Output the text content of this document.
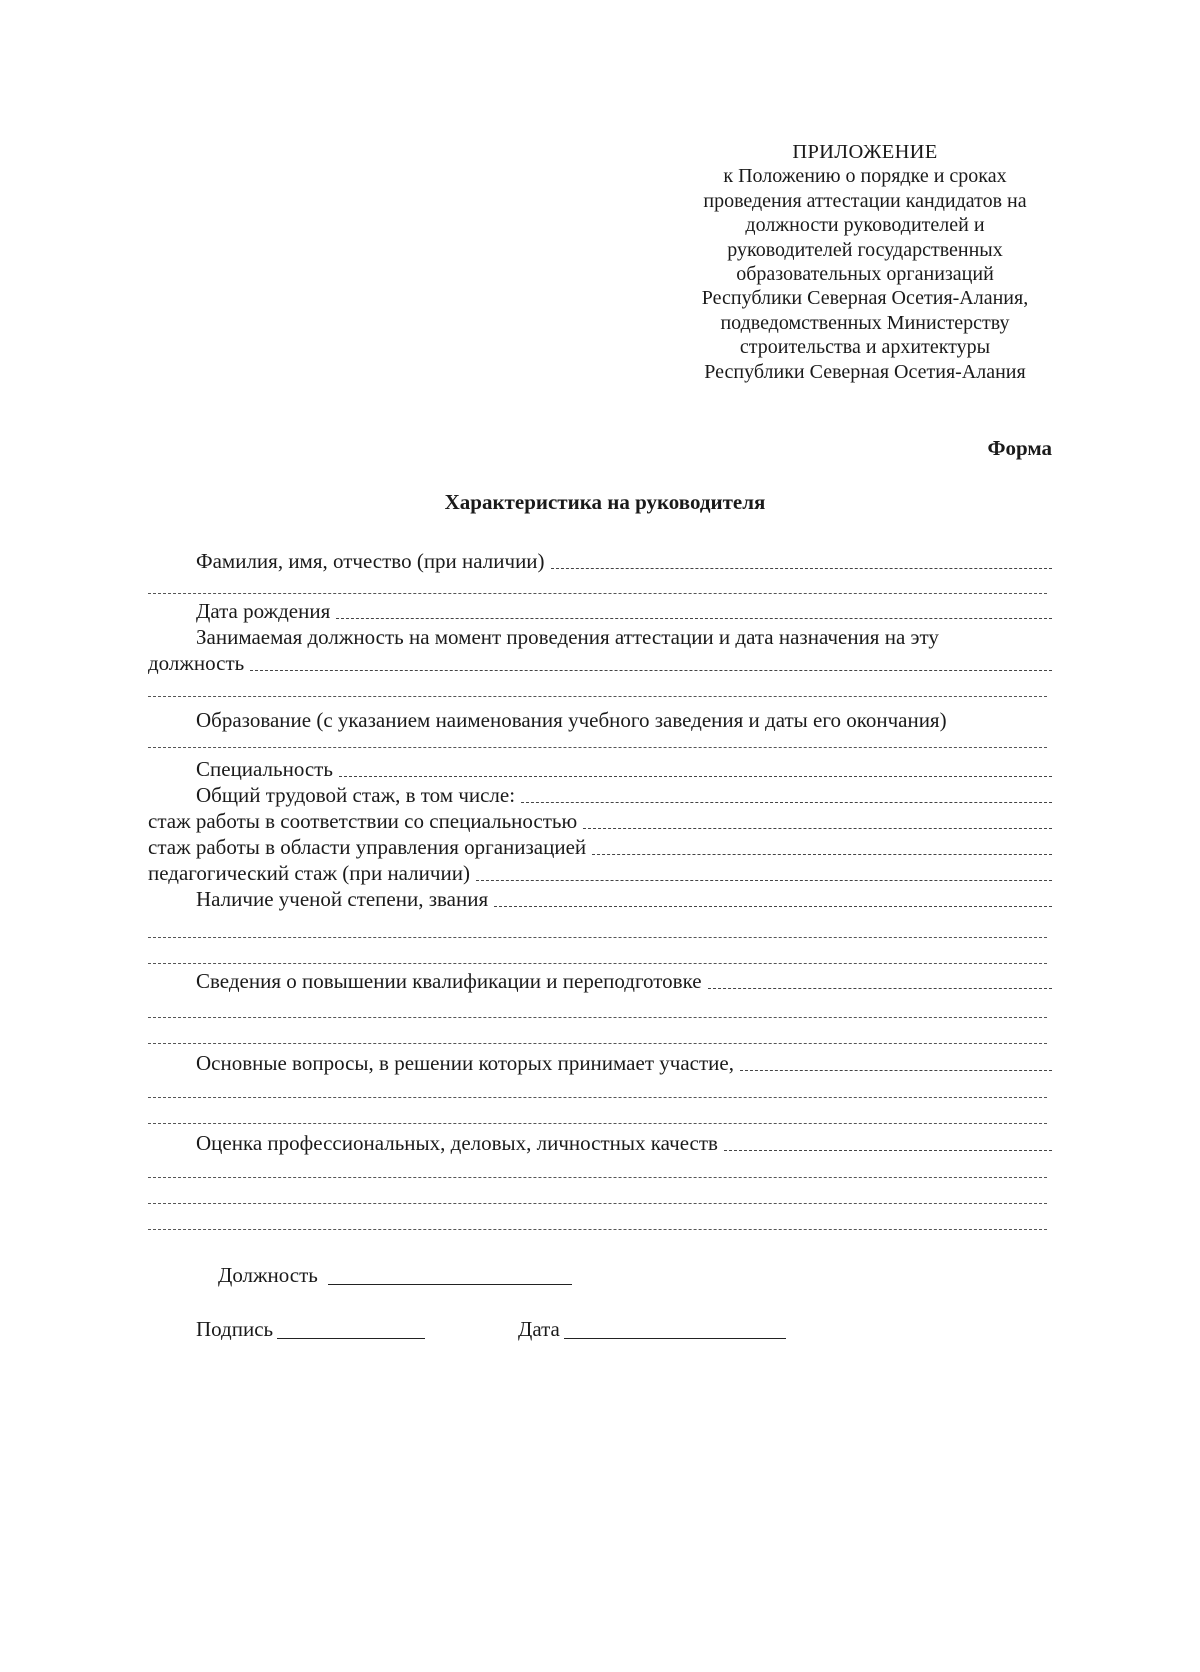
ПРИЛОЖЕНИЕ
к Положению о порядке и сроках
проведения аттестации кандидатов на
должности руководителей и
руководителей государственных
образовательных организаций
Республики Северная Осетия-Алания,
подведомственных Министерству
строительства и архитектуры
Республики Северная Осетия-Алания
Форма
Характеристика на руководителя
Фамилия, имя, отчество (при наличии)
Дата рождения
Занимаемая должность на момент проведения аттестации и дата назначения на эту
должность
Образование (с указанием наименования учебного заведения и даты его окончания)
Специальность
Общий трудовой стаж, в том числе:
стаж работы в соответствии со специальностью
стаж работы в области управления организацией
педагогический стаж (при наличии)
Наличие ученой степени, звания
Сведения о повышении квалификации и переподготовке
Основные вопросы, в решении которых принимает участие,
Оценка профессиональных, деловых, личностных качеств
Должность
Подпись	Дата
